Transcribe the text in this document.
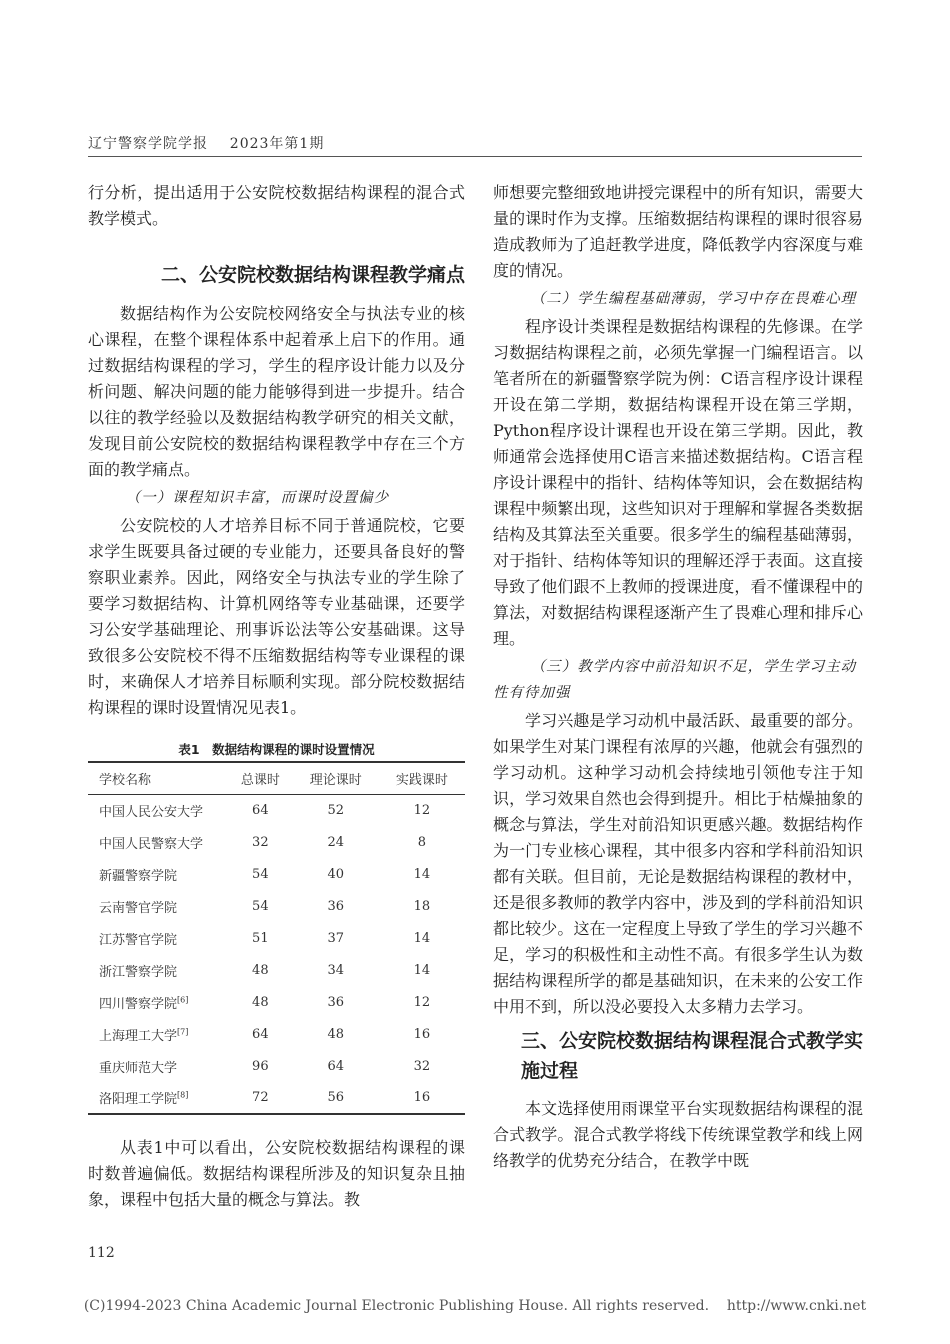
辽宁警察学院学报    2023年第1期

行分析，提出适用于公安院校数据结构课程的混合式教学模式。

二、公安院校数据结构课程教学痛点

数据结构作为公安院校网络安全与执法专业的核心课程，在整个课程体系中起着承上启下的作用。通过数据结构课程的学习，学生的程序设计能力以及分析问题、解决问题的能力能够得到进一步提升。结合以往的教学经验以及数据结构教学研究的相关文献，发现目前公安院校的数据结构课程教学中存在三个方面的教学痛点。

（一）课程知识丰富，而课时设置偏少

公安院校的人才培养目标不同于普通院校，它要求学生既要具备过硬的专业能力，还要具备良好的警察职业素养。因此，网络安全与执法专业的学生除了要学习数据结构、计算机网络等专业基础课，还要学习公安学基础理论、刑事诉讼法等公安基础课。这导致很多公安院校不得不压缩数据结构等专业课程的课时，来确保人才培养目标顺利实现。部分院校数据结构课程的课时设置情况见表1。

表1　数据结构课程的课时设置情况
学校名称	总课时	理论课时	实践课时
中国人民公安大学	64	52	12
中国人民警察大学	32	24	8
新疆警察学院	54	40	14
云南警官学院	54	36	18
江苏警官学院	51	37	14
浙江警察学院	48	34	14
四川警察学院[6]	48	36	12
上海理工大学[7]	64	48	16
重庆师范大学	96	64	32
洛阳理工学院[8]	72	56	16

从表1中可以看出，公安院校数据结构课程的课时数普遍偏低。数据结构课程所涉及的知识复杂且抽象，课程中包括大量的概念与算法。教

师想要完整细致地讲授完课程中的所有知识，需要大量的课时作为支撑。压缩数据结构课程的课时很容易造成教师为了追赶教学进度，降低教学内容深度与难度的情况。

（二）学生编程基础薄弱，学习中存在畏难心理

程序设计类课程是数据结构课程的先修课。在学习数据结构课程之前，必须先掌握一门编程语言。以笔者所在的新疆警察学院为例：C语言程序设计课程开设在第二学期，数据结构课程开设在第三学期，Python程序设计课程也开设在第三学期。因此，教师通常会选择使用C语言来描述数据结构。C语言程序设计课程中的指针、结构体等知识，会在数据结构课程中频繁出现，这些知识对于理解和掌握各类数据结构及其算法至关重要。很多学生的编程基础薄弱，对于指针、结构体等知识的理解还浮于表面。这直接导致了他们跟不上教师的授课进度，看不懂课程中的算法，对数据结构课程逐渐产生了畏难心理和排斥心理。

（三）教学内容中前沿知识不足，学生学习主动性有待加强

学习兴趣是学习动机中最活跃、最重要的部分。如果学生对某门课程有浓厚的兴趣，他就会有强烈的学习动机。这种学习动机会持续地引领他专注于知识，学习效果自然也会得到提升。相比于枯燥抽象的概念与算法，学生对前沿知识更感兴趣。数据结构作为一门专业核心课程，其中很多内容和学科前沿知识都有关联。但目前，无论是数据结构课程的教材中，还是很多教师的教学内容中，涉及到的学科前沿知识都比较少。这在一定程度上导致了学生的学习兴趣不足，学习的积极性和主动性不高。有很多学生认为数据结构课程所学的都是基础知识，在未来的公安工作中用不到，所以没必要投入太多精力去学习。

三、公安院校数据结构课程混合式教学实施过程

本文选择使用雨课堂平台实现数据结构课程的混合式教学。混合式教学将线下传统课堂教学和线上网络教学的优势充分结合，在教学中既

112
(C)1994-2023 China Academic Journal Electronic Publishing House. All rights reserved.    http://www.cnki.net
